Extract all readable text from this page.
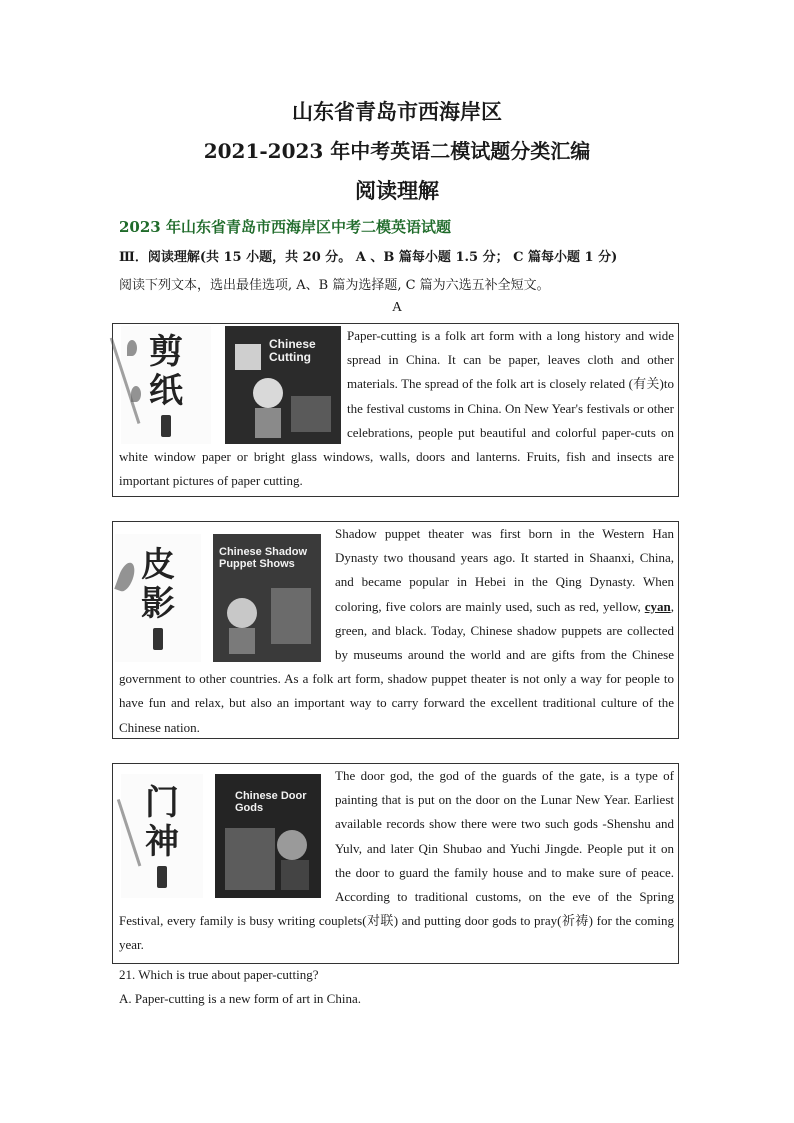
山东省青岛市西海岸区
2021-2023 年中考英语二模试题分类汇编
阅读理解
2023 年山东省青岛市西海岸区中考二模英语试题
Ⅲ．阅读理解(共 15 小题，共 20 分。 A 、B 篇每小题 1.5 分； C 篇每小题 1 分)
阅读下列文本，选出最佳选项, A、B 篇为选择题, C 篇为六选五补全短文。
A
剪
纸
Chinese Cutting
Paper-cutting is a folk art form with a long history and wide spread in China. It can be paper, leaves cloth and other materials. The spread of the folk art is closely related (有关)to the festival customs in China. On New Year's festivals or other celebrations, people put beautiful and colorful paper-cuts on white window paper or bright glass windows, walls, doors and lanterns. Fruits, fish and insects are important pictures of paper cutting.
皮
影
Chinese Shadow Puppet Shows
Shadow puppet theater was first born in the Western Han Dynasty two thousand years ago. It started in Shaanxi, China, and became popular in Hebei in the Qing Dynasty. When coloring, five colors are mainly used, such as red, yellow, cyan, green, and black. Today, Chinese shadow puppets are collected by museums around the world and are gifts from the Chinese government to other countries. As a folk art form, shadow puppet theater is not only a way for people to have fun and relax, but also an important way to carry forward the excellent traditional culture of the Chinese nation.
门
神
Chinese Door Gods
The door god, the god of the guards of the gate, is a type of painting that is put on the door on the Lunar New Year. Earliest available records show there were two such gods -Shenshu and Yulv, and later Qin Shubao and Yuchi Jingde. People put it on the door to guard the family house and to make sure of peace. According to traditional customs, on the eve of the Spring Festival, every family is busy writing couplets(对联) and putting door gods to pray(祈祷) for the coming year.
21. Which is true about paper-cutting?
A. Paper-cutting is a new form of art in China.
